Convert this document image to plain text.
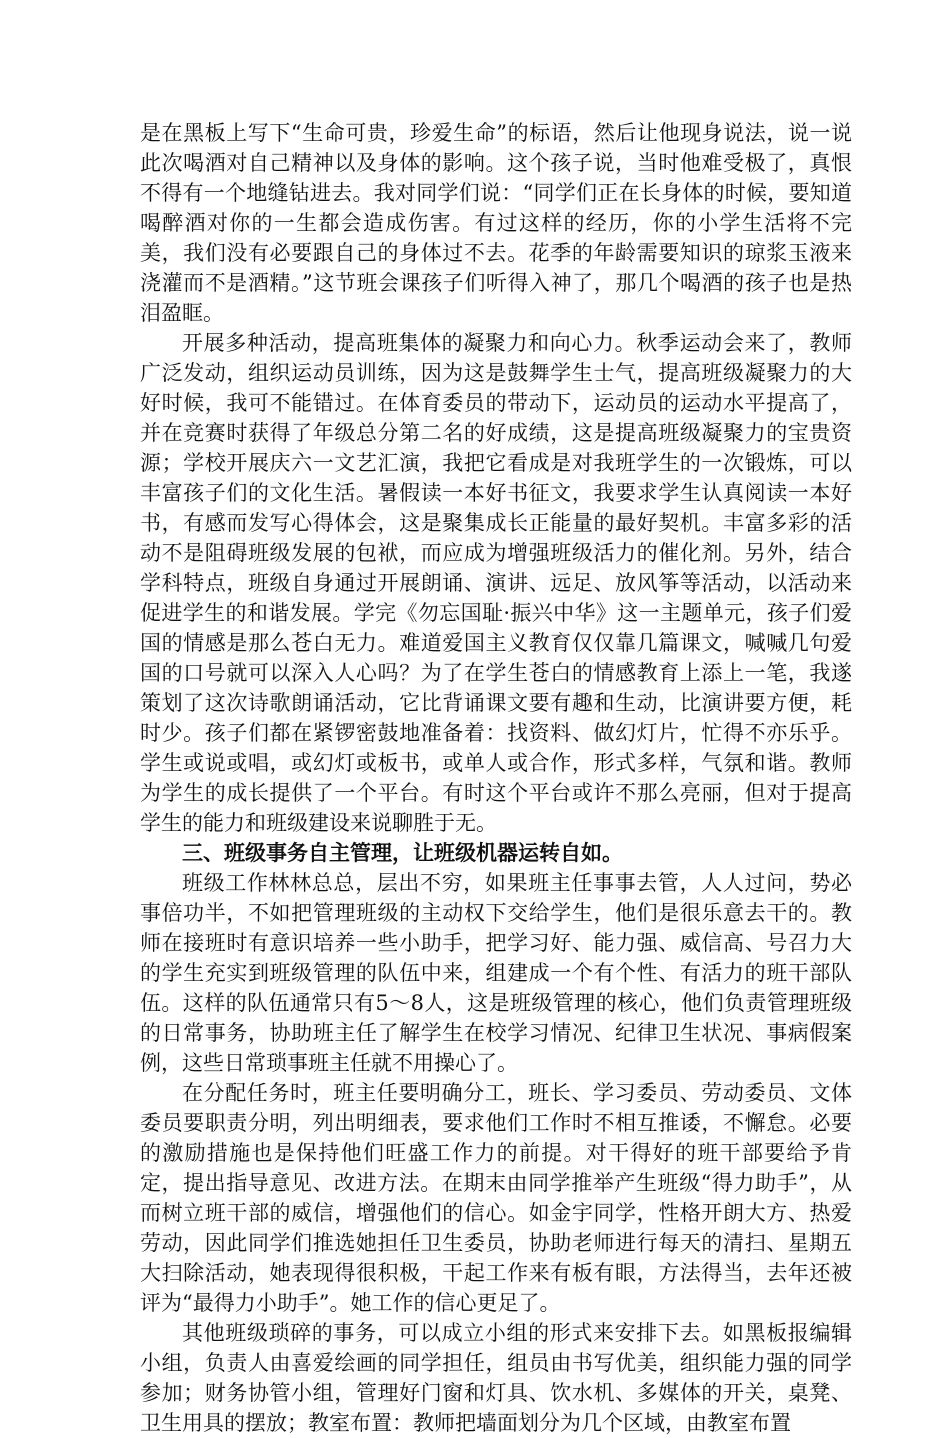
是在黑板上写下“生命可贵，珍爱生命”的标语，然后让他现身说法，说一说此次喝酒对自己精神以及身体的影响。这个孩子说，当时他难受极了，真恨不得有一个地缝钻进去。我对同学们说：“同学们正在长身体的时候，要知道喝醉酒对你的一生都会造成伤害。有过这样的经历，你的小学生活将不完美，我们没有必要跟自己的身体过不去。花季的年龄需要知识的琼浆玉液来浇灌而不是酒精。”这节班会课孩子们听得入神了，那几个喝酒的孩子也是热泪盈眶。

开展多种活动，提高班集体的凝聚力和向心力。秋季运动会来了，教师广泛发动，组织运动员训练，因为这是鼓舞学生士气，提高班级凝聚力的大好时候，我可不能错过。在体育委员的带动下，运动员的运动水平提高了，并在竞赛时获得了年级总分第二名的好成绩，这是提高班级凝聚力的宝贵资源；学校开展庆六一文艺汇演，我把它看成是对我班学生的一次锻炼，可以丰富孩子们的文化生活。暑假读一本好书征文，我要求学生认真阅读一本好书，有感而发写心得体会，这是聚集成长正能量的最好契机。丰富多彩的活动不是阻碍班级发展的包袱，而应成为增强班级活力的催化剂。另外，结合学科特点，班级自身通过开展朗诵、演讲、远足、放风筝等活动，以活动来促进学生的和谐发展。学完《勿忘国耻·振兴中华》这一主题单元，孩子们爱国的情感是那么苍白无力。难道爱国主义教育仅仅靠几篇课文，喊喊几句爱国的口号就可以深入人心吗？为了在学生苍白的情感教育上添上一笔，我遂策划了这次诗歌朗诵活动，它比背诵课文要有趣和生动，比演讲要方便，耗时少。孩子们都在紧锣密鼓地准备着：找资料、做幻灯片，忙得不亦乐乎。学生或说或唱，或幻灯或板书，或单人或合作，形式多样，气氛和谐。教师为学生的成长提供了一个平台。有时这个平台或许不那么亮丽，但对于提高学生的能力和班级建设来说聊胜于无。

三、班级事务自主管理，让班级机器运转自如。

班级工作林林总总，层出不穷，如果班主任事事去管，人人过问，势必事倍功半，不如把管理班级的主动权下交给学生，他们是很乐意去干的。教师在接班时有意识培养一些小助手，把学习好、能力强、威信高、号召力大的学生充实到班级管理的队伍中来，组建成一个有个性、有活力的班干部队伍。这样的队伍通常只有5～8人，这是班级管理的核心，他们负责管理班级的日常事务，协助班主任了解学生在校学习情况、纪律卫生状况、事病假案例，这些日常琐事班主任就不用操心了。

在分配任务时，班主任要明确分工，班长、学习委员、劳动委员、文体委员要职责分明，列出明细表，要求他们工作时不相互推诿，不懈怠。必要的激励措施也是保持他们旺盛工作力的前提。对干得好的班干部要给予肯定，提出指导意见、改进方法。在期末由同学推举产生班级“得力助手”，从而树立班干部的威信，增强他们的信心。如金宇同学，性格开朗大方、热爱劳动，因此同学们推选她担任卫生委员，协助老师进行每天的清扫、星期五大扫除活动，她表现得很积极，干起工作来有板有眼，方法得当，去年还被评为“最得力小助手”。她工作的信心更足了。

其他班级琐碎的事务，可以成立小组的形式来安排下去。如黑板报编辑小组，负责人由喜爱绘画的同学担任，组员由书写优美，组织能力强的同学参加；财务协管小组，管理好门窗和灯具、饮水机、多媒体的开关，桌凳、卫生用具的摆放；教室布置：教师把墙面划分为几个区域，由教室布置
